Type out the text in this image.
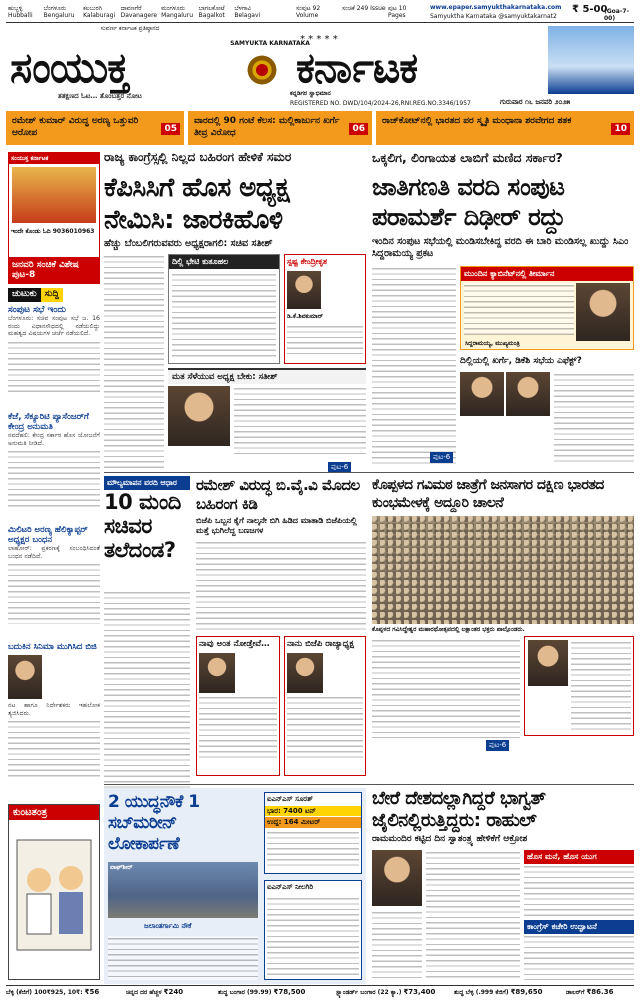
ಹುಬ್ಬಳ್ಳಿ Hubballi
ಬೆಂಗಳೂರು Bengaluru
ಕಲಬುರಗಿ Kalaburagi
ದಾವಣಗೆರೆ Davanagere
ಮಂಗಳೂರು Mangaluru
ಬಾಗಲಕೋಟೆ Bagalkot
ಬೆಳಗಾವಿ Belagavi
ಸಂಪುಟ 92 Volume
ಸಂಚಿಕೆ 249 Issue ಪುಟ 10 Pages
www.epaper.samyukthakarnataka.com
Samyuktha Karnataka @samyuktakarnat2
₹ 5-00
(Goa-7-00)
ಸುವರ್ಣ ಕರ್ನಾಟಕ ಪ್ರತಿಷ್ಠಾನದ
SAMYUKTA KARNATAKA
ಸಂಯುಕ್ತ
* * * * *
ಕರ್ನಾಟಕ
ಕನ್ನಡಿಗರ ಸ್ವಾಭಿಮಾನ
ತತಕ್ಷಣದ ಓಟ… ತೊಂಬತ್ತರ ನೋಟ
REGISTERED NO. DWD/104/2024-26,RNI.REG.NO.3346/1957	ಗುರುವಾರ ೧೬ ಜನವರಿ ೨೦೨೫
ರಮೇಶ್ ಕುಮಾರ್ ವಿರುದ್ಧ ಅರಣ್ಯ ಒತ್ತುವರಿ ಆರೋಪ	05
ವಾರದಲ್ಲಿ 90 ಗಂಟೆ ಕೆಲಸ: ಮಲ್ಲಿಕಾರ್ಜುನ ಖರ್ಗೆ ತೀವ್ರ ವಿರೋಧ	06
ರಾಜ್‌ಕೋಟ್‌ನಲ್ಲಿ ಭಾರತದ ಪರ ಸ್ಮೃತಿ ಮಂಧಾನಾ ಶರವೇಗದ ಶತಕ
10
ಸಂಯುಕ್ತ ಕರ್ನಾಟಕ
ಇಂದೇ ಕೊಂಡು ಓದಿ 9036010963
ಜನವರಿ ಸಂಚಿಕೆ ವಿಶೇಷ ಪುಟ-8
ಚುಟುಕು ಸುದ್ದಿ
ಸಂಪುಟ ಸಭೆ ಇಂದು
ಬೆಂಗಳೂರು: ಸಚಿವ ಸಂಪುಟ ಸಭೆ ಜ. 16 ರಂದು ವಿಧಾನಸೌಧದಲ್ಲಿ ನಡೆಯಲಿದ್ದು ಮಹತ್ವದ ವಿಷಯಗಳ ಚರ್ಚೆ ನಡೆಯಲಿದೆ.
ಕೆಜೆ, ಸೆಕ್ಯೂರಿಟಿ ಪ್ಯಾಸೆಂಜರ್‌ಗೆ ಕೇಂದ್ರ ಅನುಮತಿ
ನವದೆಹಲಿ: ಕೇಂದ್ರ ಸರ್ಕಾರ ಹೊಸ ಯೋಜನೆಗೆ ಅನುಮತಿ ನೀಡಿದೆ.
ಮಿಲಿಟರಿ ಅರಣ್ಯ ಹೆಲಿಕ್ಯಾಪ್ಟರ್ ಅಧ್ಯಕ್ಷರ ಬಂಧನ
ಲಾಹೋರ್: ಪ್ರಕರಣಕ್ಕೆ ಸಂಬಂಧಿಸಿದಂತೆ ಬಂಧನ ನಡೆದಿದೆ.
ಬದುಕಿನ ಸಿನಿಮಾ ಮುಗಿಸಿದ ಬಿಜಿ
ನಟ ಹಾಗೂ ನಿರ್ದೇಶಕರು ಇಹಲೋಕ ತ್ಯಜಿಸಿದರು.
ಕುಂಟತಂತ್ರ
ರಾಜ್ಯ ಕಾಂಗ್ರೆಸ್ಸಲ್ಲಿ ನಿಲ್ಲದ ಬಹಿರಂಗ ಹೇಳಿಕೆ ಸಮರ
ಕೆಪಿಸಿಸಿಗೆ ಹೊಸ ಅಧ್ಯಕ್ಷ ನೇಮಿಸಿ: ಜಾರಕಿಹೊಳಿ
ಹೆಚ್ಚು ಬೆಂಬಲಿಗರುವವರು ಅಧ್ಯಕ್ಷರಾಗಲಿ: ಸಚಿವ ಸತೀಶ್
ದಿಲ್ಲಿ ಭೇಟಿ ಕುತೂಹಲ	ಸ್ಪಷ್ಟ ಕೇಂದ್ರೀಕೃತ
ಡಿ.ಕೆ.ಶಿವಕುಮಾರ್
ಮತ ಸೆಳೆಯುವ ಅಧ್ಯಕ್ಷ ಬೇಕು: ಸತೀಶ್
ಪುಟ-6
ಒಕ್ಕಲಿಗ, ಲಿಂಗಾಯತ ಲಾಬಿಗೆ ಮಣಿದ ಸರ್ಕಾರ?
ಜಾತಿಗಣತಿ ವರದಿ ಸಂಪುಟ ಪರಾಮರ್ಶೆ ದಿಢೀರ್ ರದ್ದು
ಇಂದಿನ ಸಂಪುಟ ಸಭೆಯಲ್ಲಿ ಮಂಡಿಸಬೇಕಿದ್ದ ವರದಿ ಈ ಬಾರಿ ಮಂಡಿಸಲ್ಲ ಖುದ್ದು ಸಿಎಂ ಸಿದ್ದರಾಮಯ್ಯ ಪ್ರಕಟ
ಮುಂದಿನ ಕ್ಯಾಬಿನೆಟ್‌ನಲ್ಲಿ ತೀರ್ಮಾನ
ಸಿದ್ದರಾಮಯ್ಯ, ಮುಖ್ಯಮಂತ್ರಿ
ದಿಲ್ಲಿಯಲ್ಲಿ ಖರ್ಗೆ, ಡಿಕೆಶಿ ಸಭೆಯ ಎಫೆಕ್ಟ್?
ಪುಟ-6
ಮೌಲ್ಯಮಾಪನ ವರದಿ ಆಧಾರ
10 ಮಂದಿ ಸಚಿವರ ತಲೆದಂಡ?
ರಮೇಶ್ ವಿರುದ್ಧ ಬಿ.ವೈ.ವಿ ಮೊದಲ ಬಹಿರಂಗ ಕಿಡಿ
ಬಿಜೆಪಿ ಒಬ್ಬನ ಕೈಗೆ ನಾಲ್ಕನೇ ಬಿಗಿ ಹಿಡಿದ ಮಾತಾಡಿ ಬಿಜೆಪಿಯಲ್ಲಿ ಮತ್ತೆ ಭುಗಿಲೆದ್ದ ಬಣಜಗಳ
ನಾವು ಅಂತ ನೋಡ್ತೇವೆ…	ನಾನು ಬಿಜೆಪಿ ರಾಜ್ಯಾಧ್ಯಕ್ಷ
ಕೊಪ್ಪಳದ ಗವಿಮಠ ಜಾತ್ರೆಗೆ ಜನಸಾಗರ ದಕ್ಷಿಣ ಭಾರತದ ಕುಂಭಮೇಳಕ್ಕೆ ಅದ್ದೂರಿ ಚಾಲನೆ
ಕೊಪ್ಪಳದ ಗವಿಸಿದ್ಧೇಶ್ವರ ಮಹಾರಥೋತ್ಸವದಲ್ಲಿ ಲಕ್ಷಾಂತರ ಭಕ್ತರು ಪಾಲ್ಗೊಂಡರು.
ಪುಟ-6
2 ಯುದ್ಧನೌಕೆ 1 ಸಬ್‌ಮರೀನ್ ಲೋಕಾರ್ಪಣೆ
ವಾಘ್‌ಶೀರ್
ಐಎನ್‌ಎಸ್ ಸೂರತ್
ಭಾರ: 7400 ಟನ್
ಉದ್ದ: 164 ಮೀಟರ್
ಐಎನ್‌ಎಸ್ ನೀಲಗಿರಿ
ಜಲಾಂತರ್ಗಾಮಿ ನೌಕೆ
ಬೇರೆ ದೇಶದಲ್ಲಾಗಿದ್ದರೆ ಭಾಗ್ವತ್ ಜೈಲಿನಲ್ಲಿರುತ್ತಿದ್ದರು: ರಾಹುಲ್
ರಾಮಮಂದಿರ ಕಟ್ಟಿದ ದಿನ ಸ್ವಾತಂತ್ರ್ಯ ಹೇಳಿಕೆಗೆ ಆಕ್ರೋಶ
ಹೊಸ ಮನೆ, ಹೊಸ ಯುಗ
ಕಾಂಗ್ರೆಸ್ ಕಚೇರಿ ಉದ್ಘಾಟನೆ
ಬೆಳ್ಳಿ (ಕೆಜಿಗೆ) 100₹925, 10₹: ₹56	ಚಿನ್ನದ ದರ ಹೆಚ್ಚಳ ₹240	ಶುದ್ಧ ಬಂಗಾರ (99.99) ₹78,500	ಸ್ಟ್ಯಾಂಡರ್ಡ್ ಬಂಗಾರ (22 ಕ್ಯಾ.) ₹73,400	ಶುದ್ಧ ಬೆಳ್ಳಿ (.999 ಕೆಜಿಗೆ) ₹89,650	ಡಾಲರ್‌ಗೆ ₹86.36
